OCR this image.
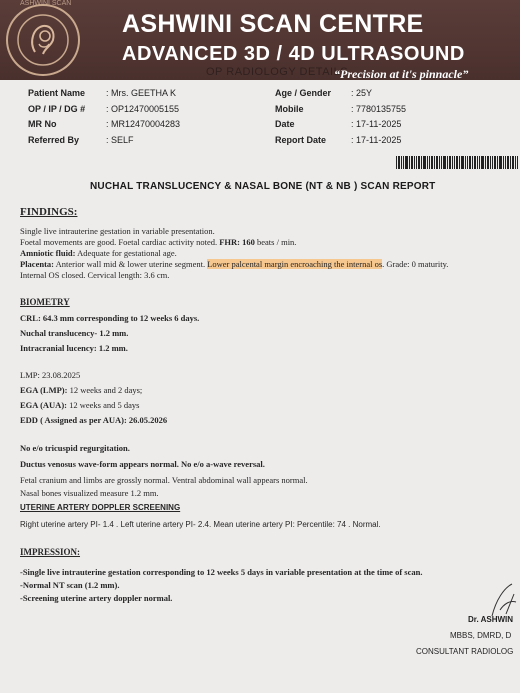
ASHWINI SCAN
ASHWINI SCAN CENTRE
ADVANCED 3D / 4D ULTRASOUND
OP RADIOLOGY DETAILS
“Precision at it's pinnacle”
Patient Name : Mrs. GEETHA K
OP / IP / DG # : OP12470005155
MR No	: MR12470004283
Referred By	: SELF
Age / Gender : 25Y
Mobile	: 7780135755
Date	: 17-11-2025
Report Date	: 17-11-2025
NUCHAL TRANSLUCENCY & NASAL BONE (NT & NB ) SCAN REPORT
FINDINGS:
Single live intrauterine gestation in variable presentation.
Foetal movements are good. Foetal cardiac activity noted. FHR: 160 beats / min.
Amniotic fluid: Adequate for gestational age.
Placenta: Anterior wall mid & lower uterine segment. Lower palcental margin encroaching the internal os. Grade: 0 maturity.
Internal OS closed. Cervical length: 3.6 cm.
BIOMETRY
CRL: 64.3 mm corresponding to 12 weeks 6 days.
Nuchal translucency- 1.2 mm.
Intracranial lucency: 1.2 mm.
LMP: 23.08.2025
EGA (LMP): 12 weeks and 2 days;
EGA (AUA): 12 weeks and 5 days
EDD ( Assigned as per AUA): 26.05.2026
No e/o tricuspid regurgitation.
Ductus venosus wave-form appears normal. No e/o a-wave reversal.
Fetal cranium and limbs are grossly normal. Ventral abdominal wall appears normal.
Nasal bones visualized measure 1.2 mm.
UTERINE ARTERY DOPPLER SCREENING
Right uterine artery PI- 1.4 . Left uterine artery PI- 2.4. Mean uterine artery PI: Percentile: 74 . Normal.
IMPRESSION:
-Single live intrauterine gestation corresponding to 12 weeks 5 days in variable presentation at the time of scan.
-Normal NT scan (1.2 mm).
-Screening uterine artery doppler normal.
Dr. ASHWIN
MBBS, DMRD, D
CONSULTANT RADIOLOG
